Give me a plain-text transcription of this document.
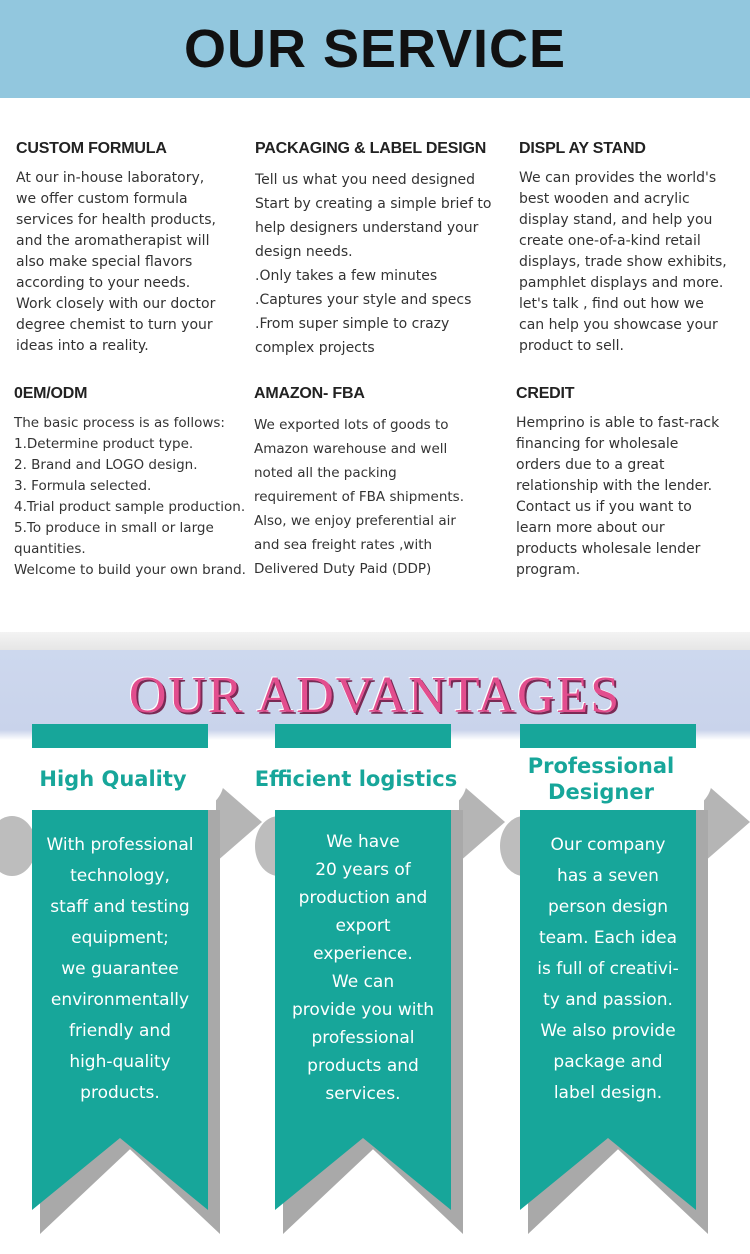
OUR SERVICE

CUSTOM FORMULA

At our in-house laboratory,
we offer custom formula
services for health products,
and the aromatherapist will
also make special flavors
according to your needs.
Work closely with our doctor
degree chemist to turn your
ideas into a reality.

PACKAGING & LABEL DESIGN

Tell us what you need designed
Start by creating a simple brief to
help designers understand your
design needs.
.Only takes a few minutes
.Captures your style and specs
.From super simple to crazy
complex projects

DISPL AY STAND

We can provides the world's
best wooden and acrylic
display stand, and help you
create one-of-a-kind retail
displays, trade show exhibits,
pamphlet displays and more.
let's talk , find out how we
can help you showcase your
product to sell.

0EM/ODM

The basic process is as follows:
1.Determine product type.
2. Brand and LOGO design.
3. Formula selected.
4.Trial product sample production.
5.To produce in small or large
quantities.
Welcome to build your own brand.

AMAZON- FBA

We exported lots of goods to
Amazon warehouse and well
noted all the packing
requirement of FBA shipments.
Also, we enjoy preferential air
and sea freight rates ,with
Delivered Duty Paid (DDP)

CREDIT

Hemprino is able to fast-rack
financing for wholesale
orders due to a great
relationship with the lender.
Contact us if you want to
learn more about our
products wholesale lender
program.

OUR ADVANTAGES
High Quality
With professional
technology,
staff and testing
equipment;
we guarantee
environmentally
friendly and
high-quality
products.
Efficient logistics
We have
20 years of
production and
export
experience.
We can
provide you with
professional
products and
services.
Professional
Designer
Our company
has a seven
person design
team. Each idea
is full of creativi-
ty and passion.
We also provide
package and
label design.
